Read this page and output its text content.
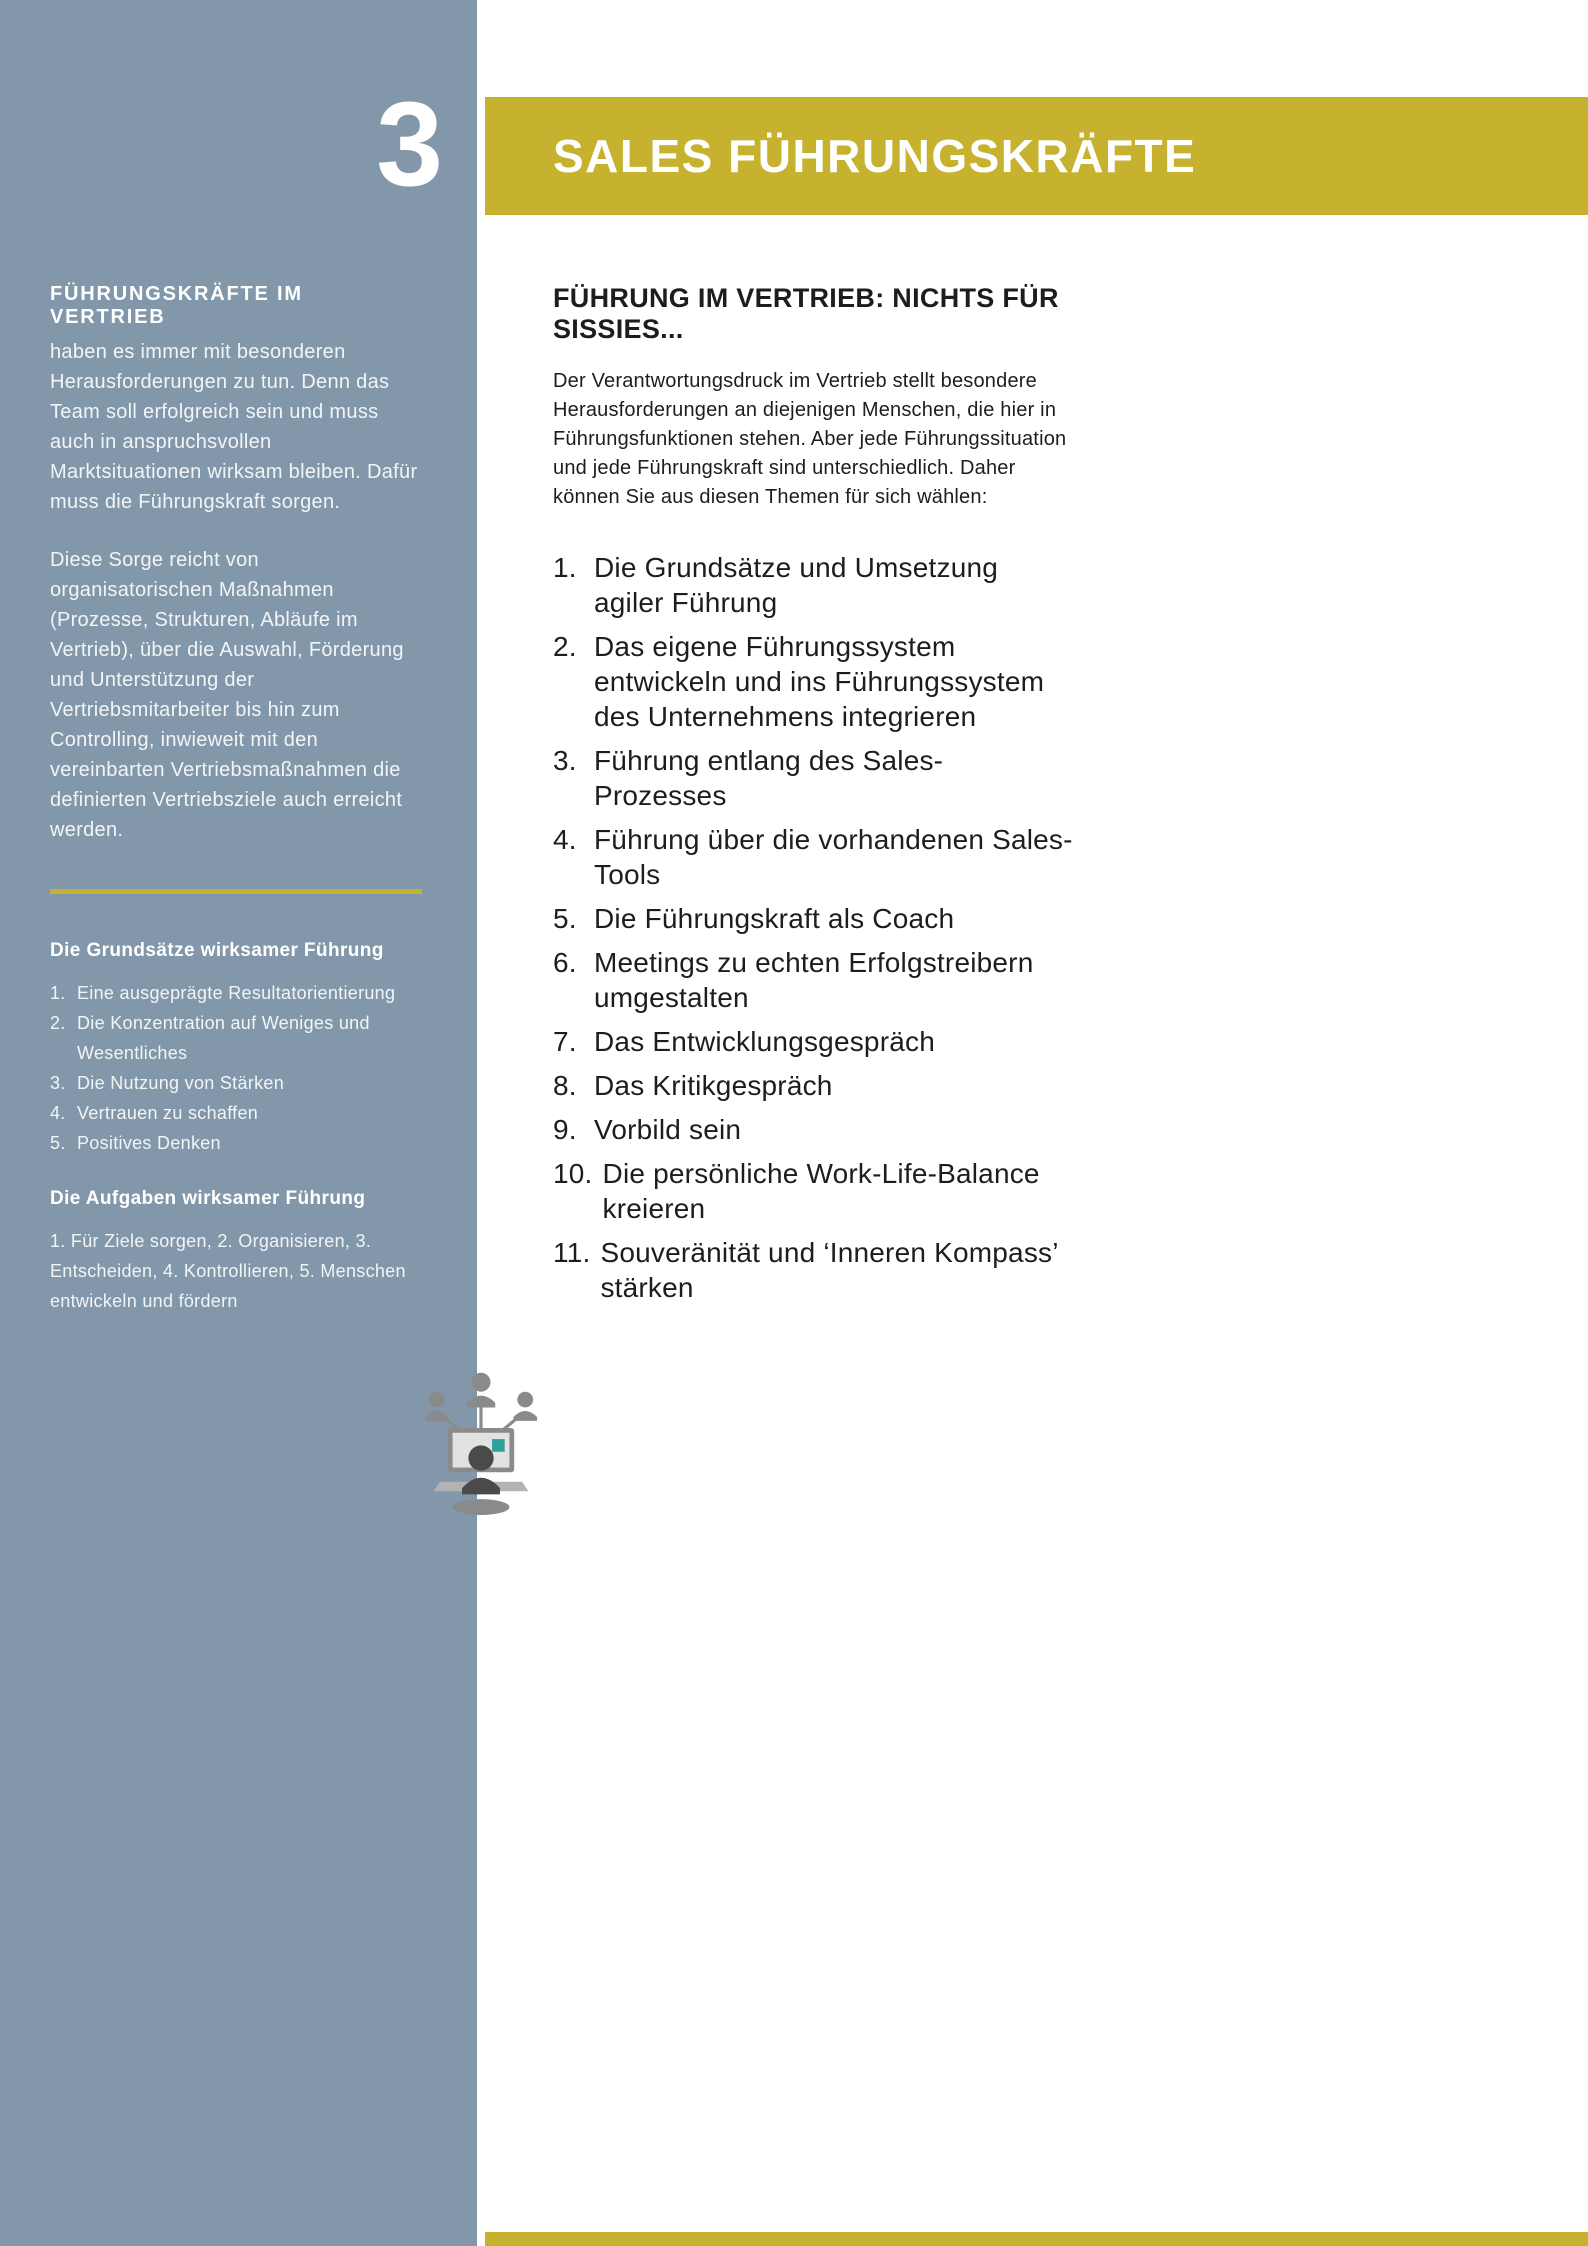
3
FÜHRUNGSKRÄFTE IM VERTRIEB

haben es immer mit besonderen Herausforderungen zu tun. Denn das Team soll erfolgreich sein und muss auch in anspruchsvollen Marktsituationen wirksam bleiben. Dafür muss die Führungskraft sorgen.

Diese Sorge reicht von organisatorischen Maßnahmen (Prozesse, Strukturen, Abläufe im Vertrieb), über die Auswahl, Förderung und Unterstützung der Vertriebsmitarbeiter bis hin zum Controlling, inwieweit mit den vereinbarten Vertriebsmaßnahmen die definierten Vertriebsziele auch erreicht werden.

Die Grundsätze wirksamer Führung
1. Eine ausgeprägte Resultatorientierung
2. Die Konzentration auf Weniges und Wesentliches
3. Die Nutzung von Stärken
4. Vertrauen zu schaffen
5. Positives Denken
Die Aufgaben wirksamer Führung

1. Für Ziele sorgen, 2. Organisieren, 3. Entscheiden, 4. Kontrollieren, 5. Menschen entwickeln und fördern

SALES FÜHRUNGSKRÄFTE
FÜHRUNG IM VERTRIEB: NICHTS FÜR SISSIES...

Der Verantwortungsdruck im Vertrieb stellt besondere Herausforderungen an diejenigen Menschen, die hier in Führungsfunktionen stehen. Aber jede Führungssituation und jede Führungskraft sind unterschiedlich. Daher können Sie aus diesen Themen für sich wählen:

1. Die Grundsätze und Umsetzung agiler Führung
2. Das eigene Führungssystem entwickeln und ins Führungssystem des Unternehmens integrieren
3. Führung entlang des Sales-Prozesses
4. Führung über die vorhandenen Sales-Tools
5. Die Führungskraft als Coach
6. Meetings zu echten Erfolgstreibern umgestalten
7. Das Entwicklungsgespräch
8. Das Kritikgespräch
9. Vorbild sein
10. Die persönliche Work-Life-Balance kreieren
11. Souveränität und ‘Inneren Kompass’ stärken
